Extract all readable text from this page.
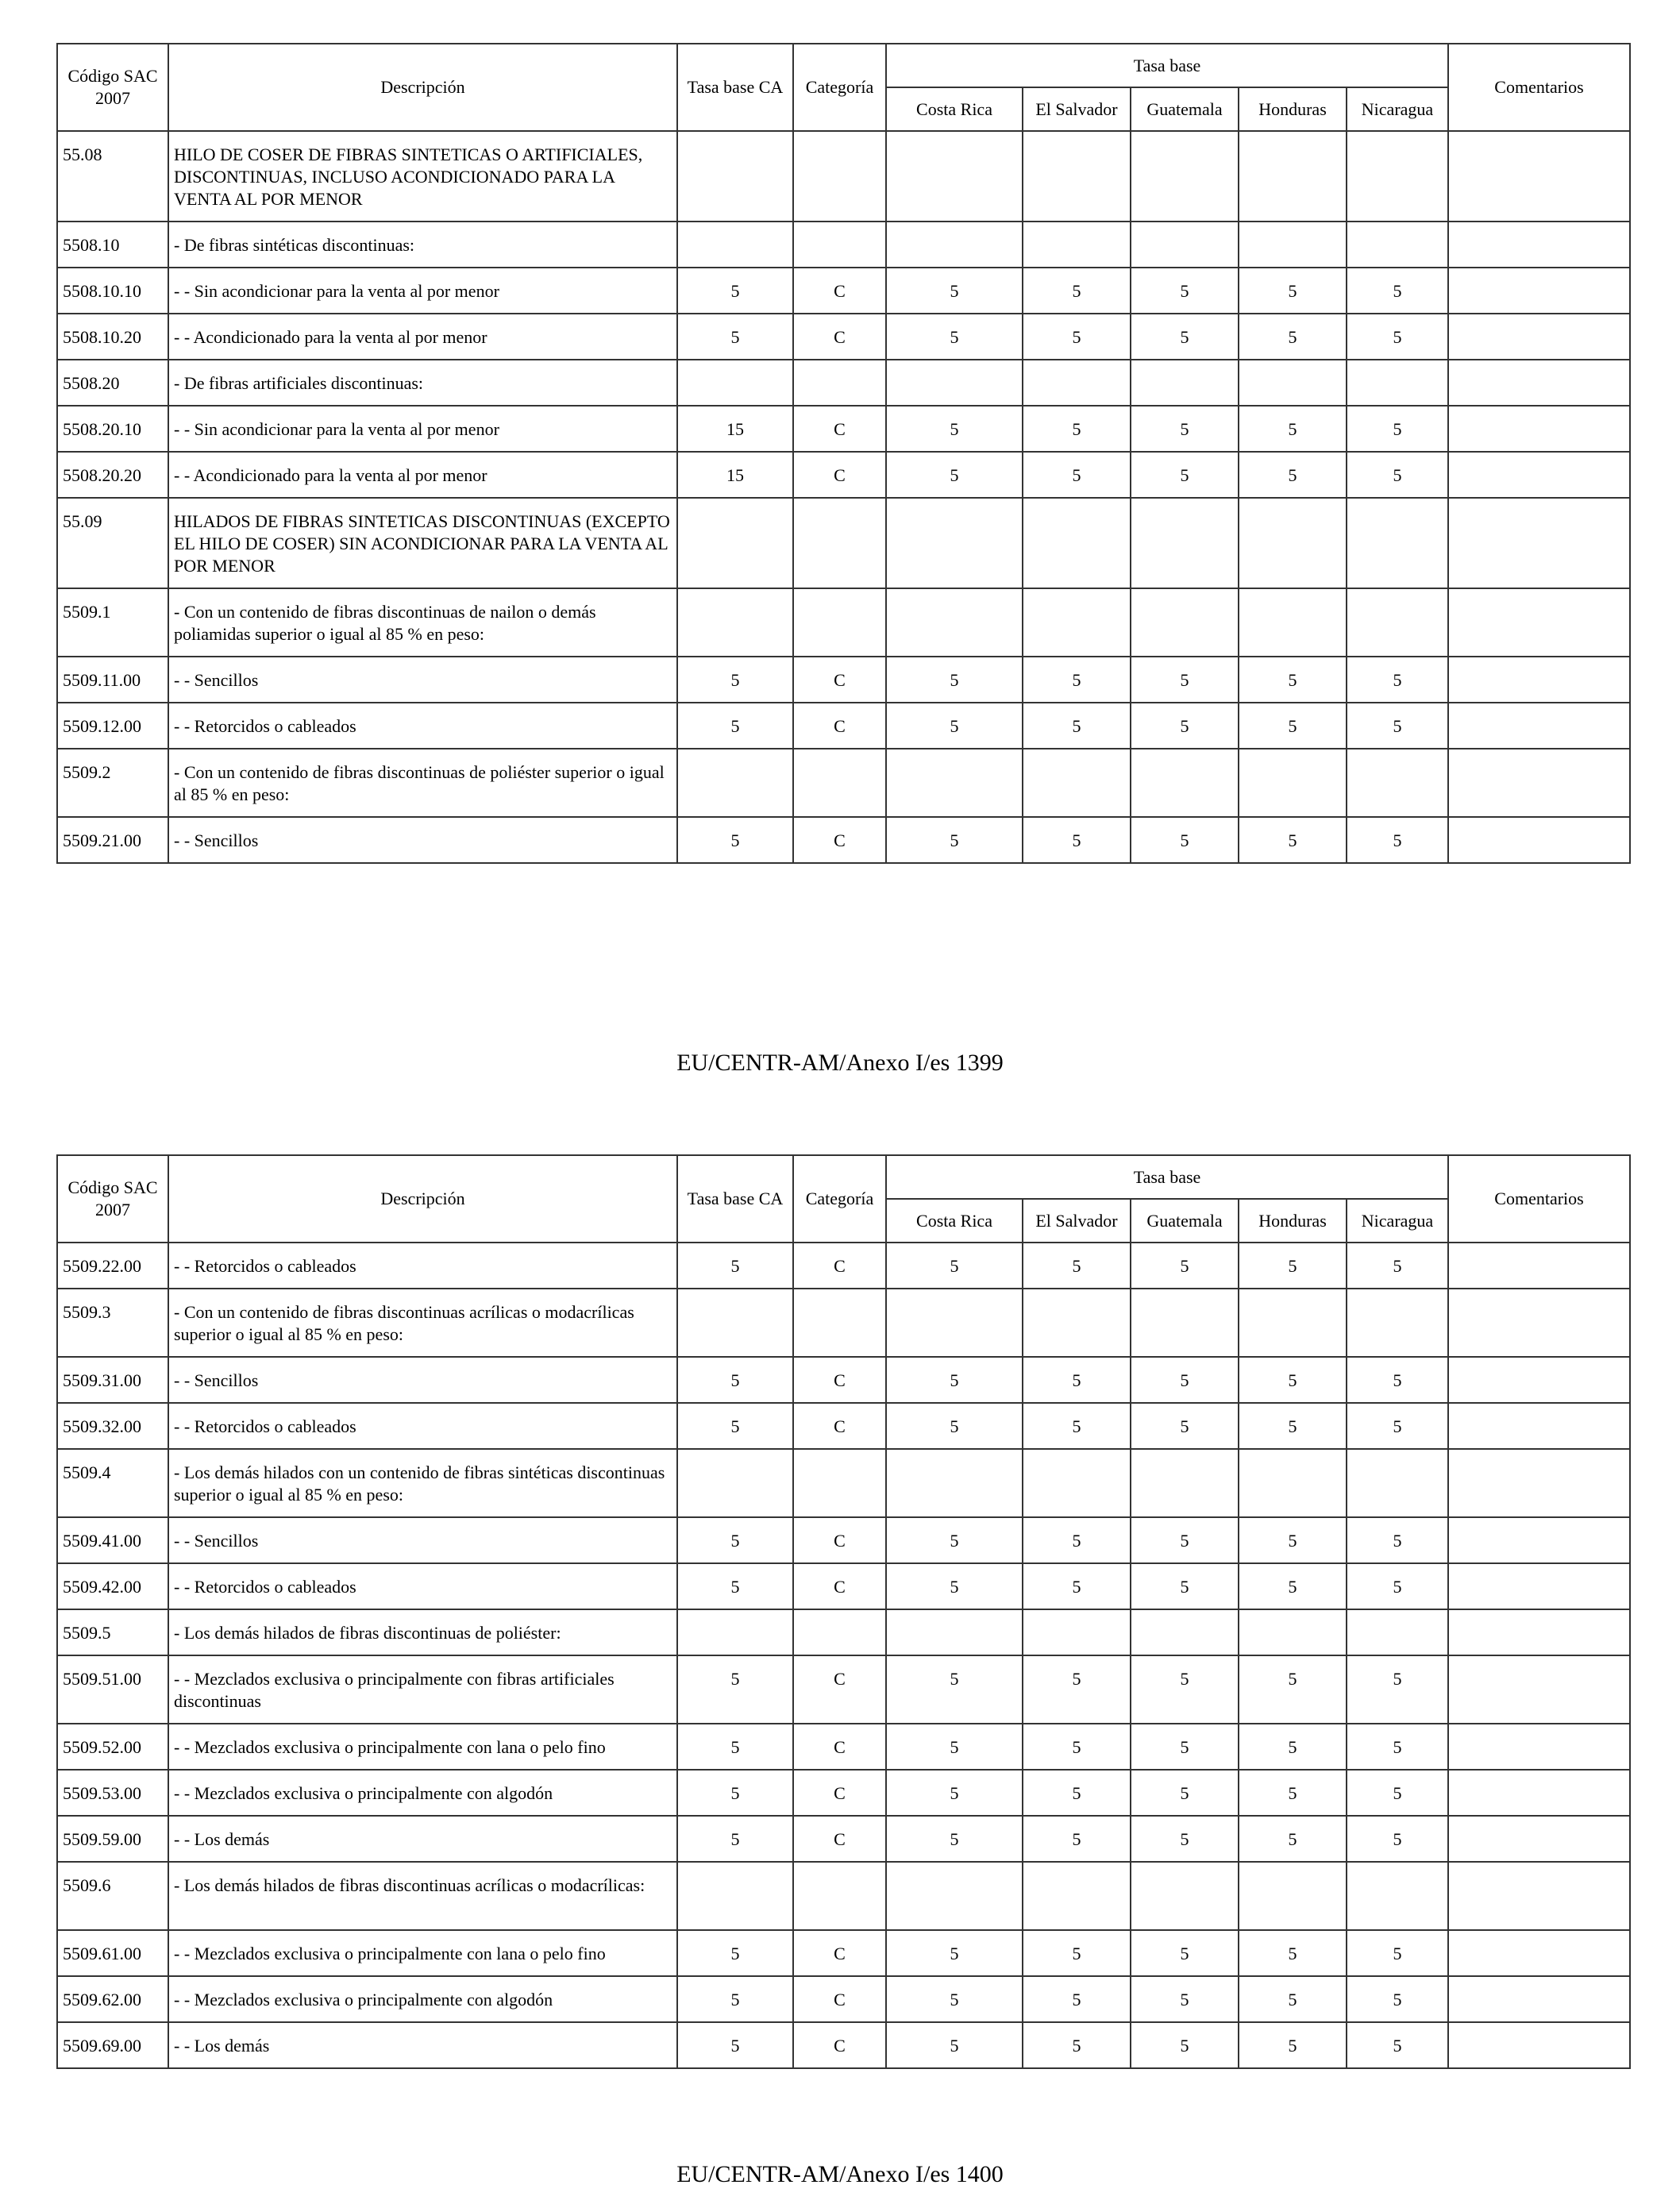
Código SAC
2007	Descripción	Tasa base CA	Categoría	Tasa base					Comentarios
				Costa Rica	El Salvador	Guatemala	Honduras	Nicaragua	
55.08	HILO DE COSER DE FIBRAS SINTETICAS O ARTIFICIALES, DISCONTINUAS, INCLUSO ACONDICIONADO PARA LA VENTA AL POR MENOR								
5508.10	- De fibras sintéticas discontinuas:								
5508.10.10	- - Sin acondicionar para la venta al por menor	5	C	5	5	5	5	5	
5508.10.20	- - Acondicionado para la venta al por menor	5	C	5	5	5	5	5	
5508.20	- De fibras artificiales discontinuas:								
5508.20.10	- - Sin acondicionar para la venta al por menor	15	C	5	5	5	5	5	
5508.20.20	- - Acondicionado para la venta al por menor	15	C	5	5	5	5	5	
55.09	HILADOS DE FIBRAS SINTETICAS DISCONTINUAS (EXCEPTO EL HILO DE COSER) SIN ACONDICIONAR PARA LA VENTA AL POR MENOR								
5509.1	- Con un contenido de fibras discontinuas de nailon o demás poliamidas superior o igual al 85 % en peso:								
5509.11.00	- - Sencillos	5	C	5	5	5	5	5	
5509.12.00	- - Retorcidos o cableados	5	C	5	5	5	5	5	
5509.2	- Con un contenido de fibras discontinuas de poliéster superior o igual al 85 % en peso:								
5509.21.00	- - Sencillos	5	C	5	5	5	5	5	
EU/CENTR-AM/Anexo I/es 1399
Código SAC
2007	Descripción	Tasa base CA	Categoría	Tasa base					Comentarios
				Costa Rica	El Salvador	Guatemala	Honduras	Nicaragua	
5509.22.00	- - Retorcidos o cableados	5	C	5	5	5	5	5	
5509.3	- Con un contenido de fibras discontinuas acrílicas o modacrílicas superior o igual al 85 % en peso:								
5509.31.00	- - Sencillos	5	C	5	5	5	5	5	
5509.32.00	- - Retorcidos o cableados	5	C	5	5	5	5	5	
5509.4	- Los demás hilados con un contenido de fibras sintéticas discontinuas superior o igual al 85 % en peso:								
5509.41.00	- - Sencillos	5	C	5	5	5	5	5	
5509.42.00	- - Retorcidos o cableados	5	C	5	5	5	5	5	
5509.5	- Los demás hilados de fibras discontinuas de poliéster:								
5509.51.00	- - Mezclados exclusiva o principalmente con fibras artificiales discontinuas	5	C	5	5	5	5	5	
5509.52.00	- - Mezclados exclusiva o principalmente con lana o pelo fino	5	C	5	5	5	5	5	
5509.53.00	- - Mezclados exclusiva o principalmente con algodón	5	C	5	5	5	5	5	
5509.59.00	- - Los demás	5	C	5	5	5	5	5	
5509.6	- Los demás hilados de fibras discontinuas acrílicas o modacrílicas:								
5509.61.00	- - Mezclados exclusiva o principalmente con lana o pelo fino	5	C	5	5	5	5	5	
5509.62.00	- - Mezclados exclusiva o principalmente con algodón	5	C	5	5	5	5	5	
5509.69.00	- - Los demás	5	C	5	5	5	5	5	
EU/CENTR-AM/Anexo I/es 1400
